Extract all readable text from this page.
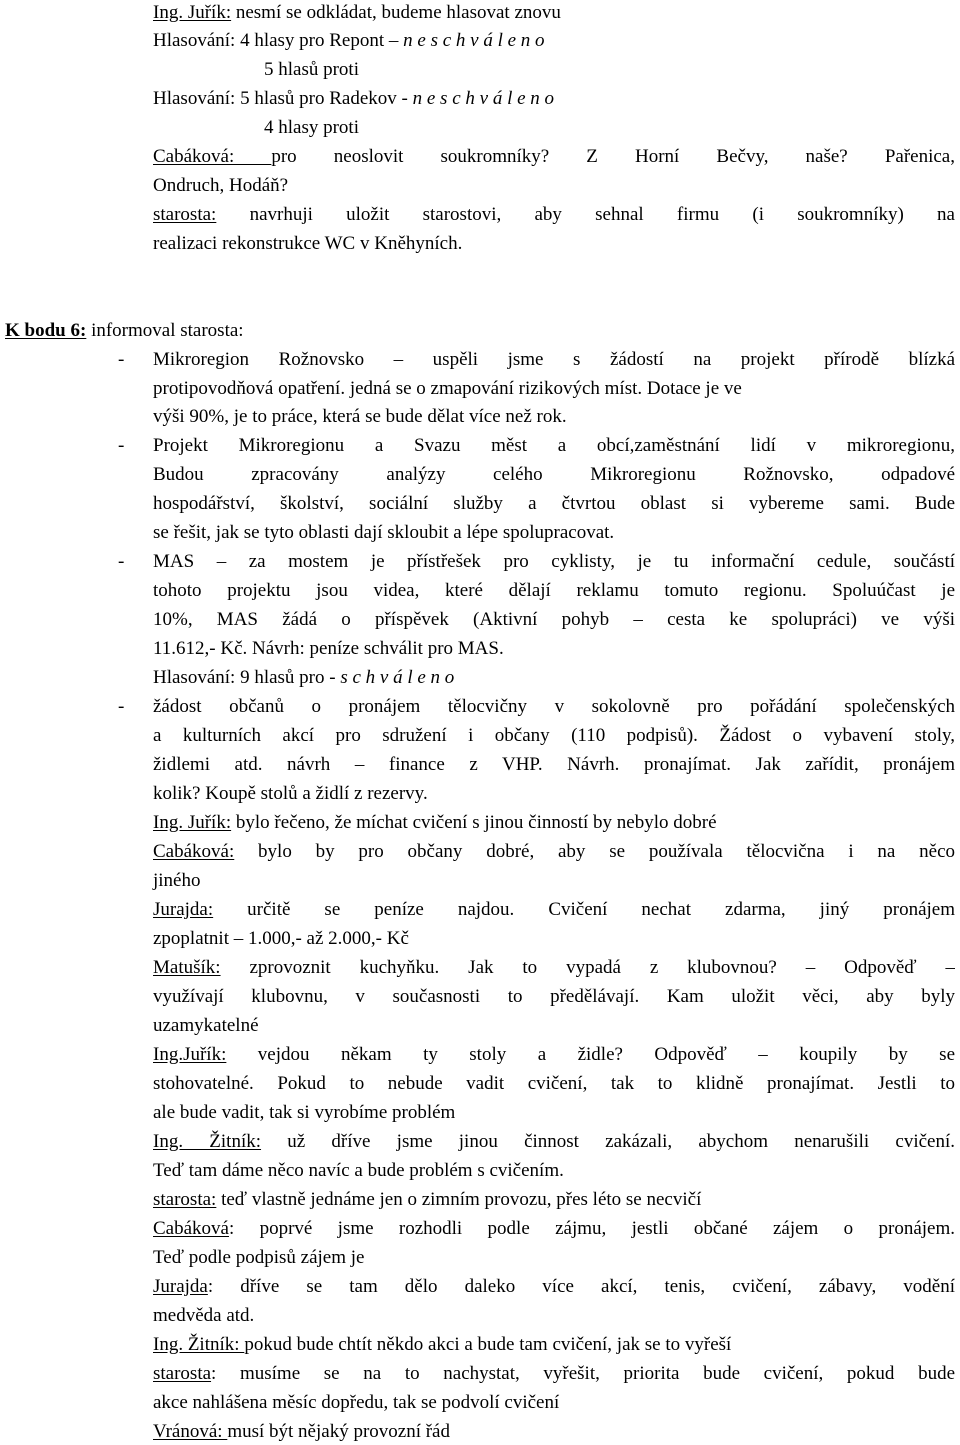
Ing. Juřík: nesmí se odkládat, budeme hlasovat znovu
Hlasování: 4 hlasy pro Repont – n e s c h v á l e n o
5 hlasů proti
Hlasování: 5 hlasů pro Radekov - n e s c h v á l e n o
4 hlasy proti
Cabáková: pro neoslovit soukromníky? Z Horní Bečvy, naše? Pařenica,
Ondruch, Hodáň?
starosta: navrhuji uložit starostovi, aby sehnal firmu (i soukromníky) na
realizaci rekonstrukce WC v Kněhyních.
K bodu 6: informoval starosta:
-	Mikroregion Rožnovsko – uspěli jsme s žádostí na projekt přírodě blízká
protipovodňová opatření. jedná se o zmapování rizikových míst. Dotace je ve
výši 90%, je to práce, která se bude dělat více než rok.
-	Projekt Mikroregionu a Svazu měst a obcí,zaměstnání lidí v mikroregionu,
Budou zpracovány analýzy celého Mikroregionu Rožnovsko, odpadové
hospodářství, školství, sociální služby a čtvrtou oblast si vybereme sami. Bude
se řešit, jak se tyto oblasti dají skloubit a lépe spolupracovat.
-	MAS – za mostem je přístřešek pro cyklisty, je tu informační cedule, součástí
tohoto projektu jsou videa, které dělají reklamu tomuto regionu. Spoluúčast je
10%, MAS žádá o příspěvek (Aktivní pohyb – cesta ke spolupráci) ve výši
11.612,- Kč. Návrh: peníze schválit pro MAS.
Hlasování: 9 hlasů pro - s c h v á l e n o
-	žádost občanů o pronájem tělocvičny v sokolovně pro pořádání společenských
a kulturních akcí pro sdružení i občany (110 podpisů). Žádost o vybavení stoly,
židlemi atd. návrh – finance z VHP. Návrh. pronajímat. Jak zařídit, pronájem
kolik? Koupě stolů a židlí z rezervy.
Ing. Juřík: bylo řečeno, že míchat cvičení s jinou činností by nebylo dobré
Cabáková: bylo by pro občany dobré, aby se používala tělocvična i na něco
jiného
Jurajda: určitě se peníze najdou. Cvičení nechat zdarma, jiný pronájem
zpoplatnit – 1.000,- až 2.000,- Kč
Matušík: zprovoznit kuchyňku. Jak to vypadá z klubovnou? – Odpověď –
využívají klubovnu, v současnosti to předělávají. Kam uložit věci, aby byly
uzamykatelné
Ing.Juřík: vejdou někam ty stoly a židle? Odpověď – koupily by se
stohovatelné. Pokud to nebude vadit cvičení, tak to klidně pronajímat. Jestli to
ale bude vadit, tak si vyrobíme problém
Ing. Žitník: už dříve jsme jinou činnost zakázali, abychom nenarušili cvičení.
Teď tam dáme něco navíc a bude problém s cvičením.
starosta: teď vlastně jednáme jen o zimním provozu, přes léto se necvičí
Cabáková: poprvé jsme rozhodli podle zájmu, jestli občané zájem o pronájem.
Teď podle podpisů zájem je
Jurajda: dříve se tam dělo daleko více akcí, tenis, cvičení, zábavy, vodění
medvěda atd.
Ing. Žitník: pokud bude chtít někdo akci a bude tam cvičení, jak se to vyřeší
starosta: musíme se na to nachystat, vyřešit, priorita bude cvičení, pokud bude
akce nahlášena měsíc dopředu, tak se podvolí cvičení
Vránová: musí být nějaký provozní řád
